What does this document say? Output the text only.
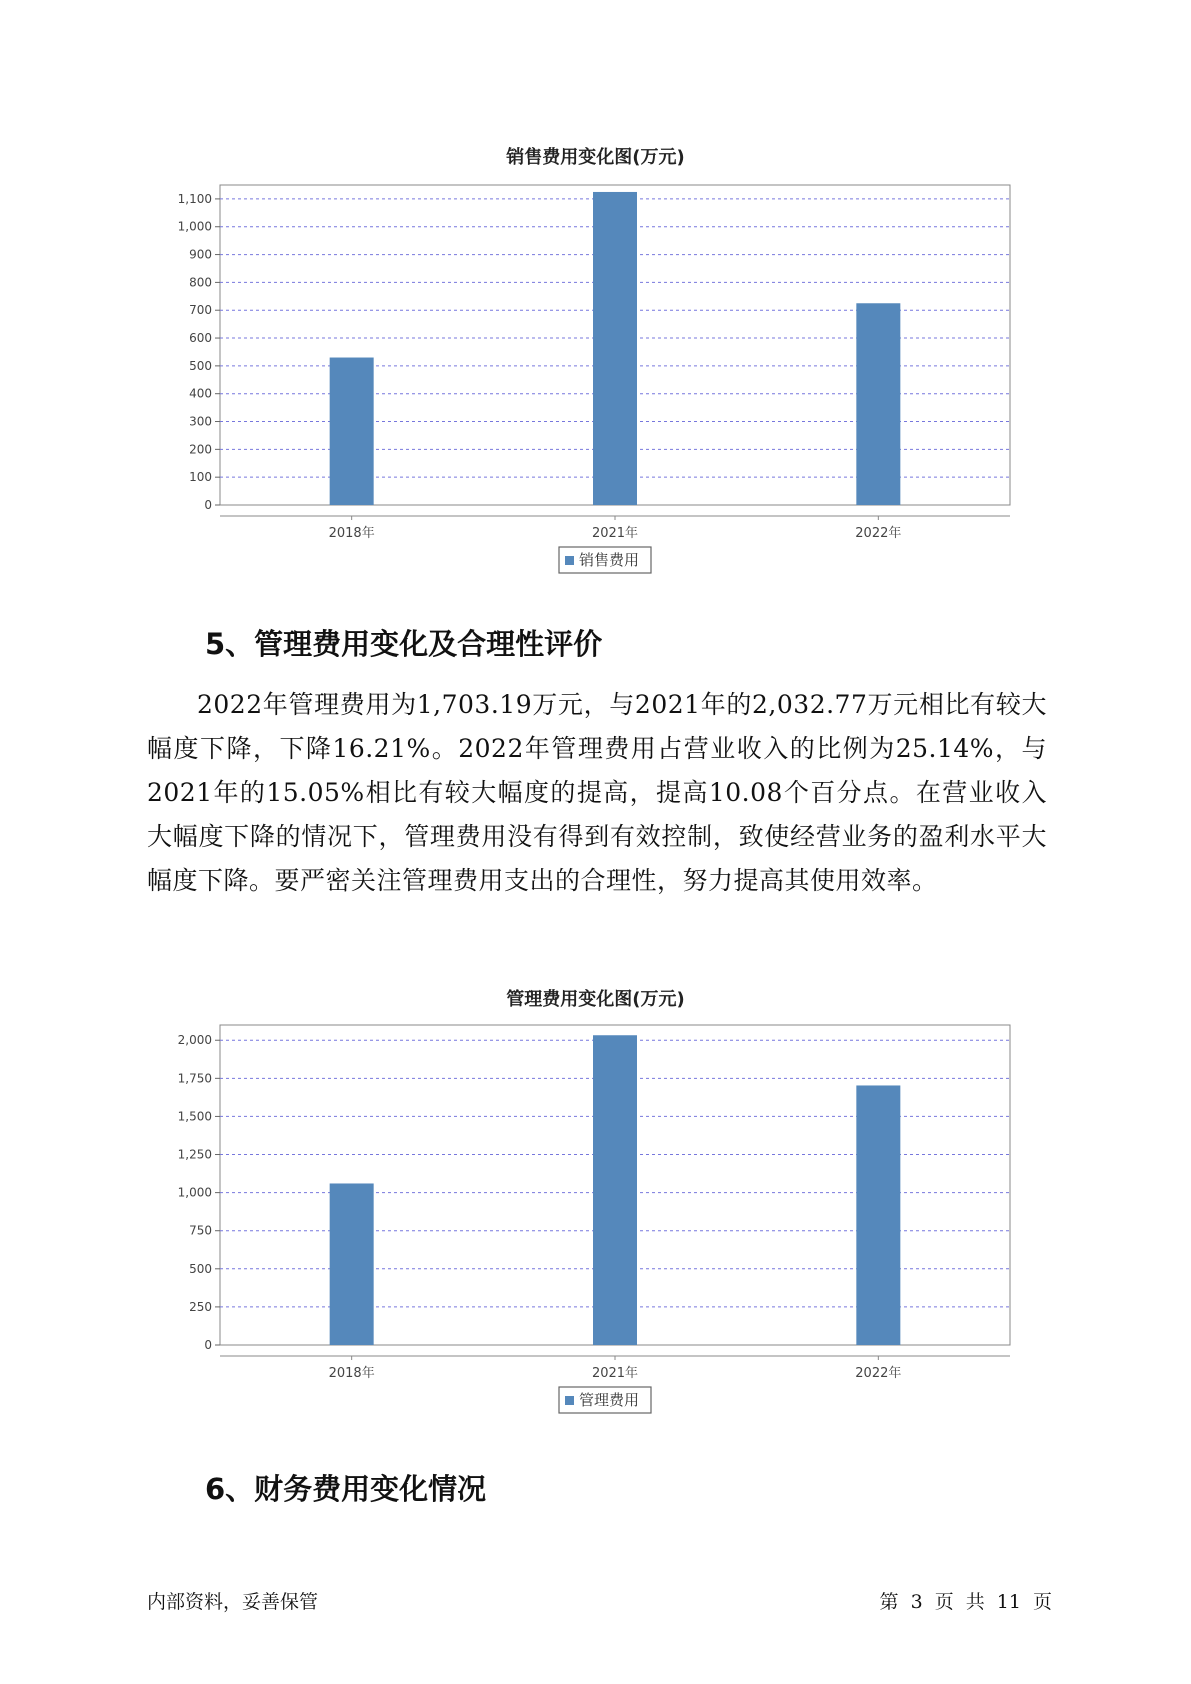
销售费用变化图(万元)
0
100
200
300
400
500
600
700
800
900
1,000
1,100
2018年	2021年	2022年
销售费用
5、管理费用变化及合理性评价

2022年管理费用为1,703.19万元，与2021年的2,032.77万元相比有较大幅度下降，下降16.21%。2022年管理费用占营业收入的比例为25.14%，与2021年的15.05%相比有较大幅度的提高，提高10.08个百分点。在营业收入大幅度下降的情况下，管理费用没有得到有效控制，致使经营业务的盈利水平大幅度下降。要严密关注管理费用支出的合理性，努力提高其使用效率。

管理费用变化图(万元)
0
250
500
750
1,000
1,250
1,500
1,750
2,000
2018年	2021年	2022年
管理费用
6、财务费用变化情况
内部资料，妥善保管	第 3 页 共 11 页
